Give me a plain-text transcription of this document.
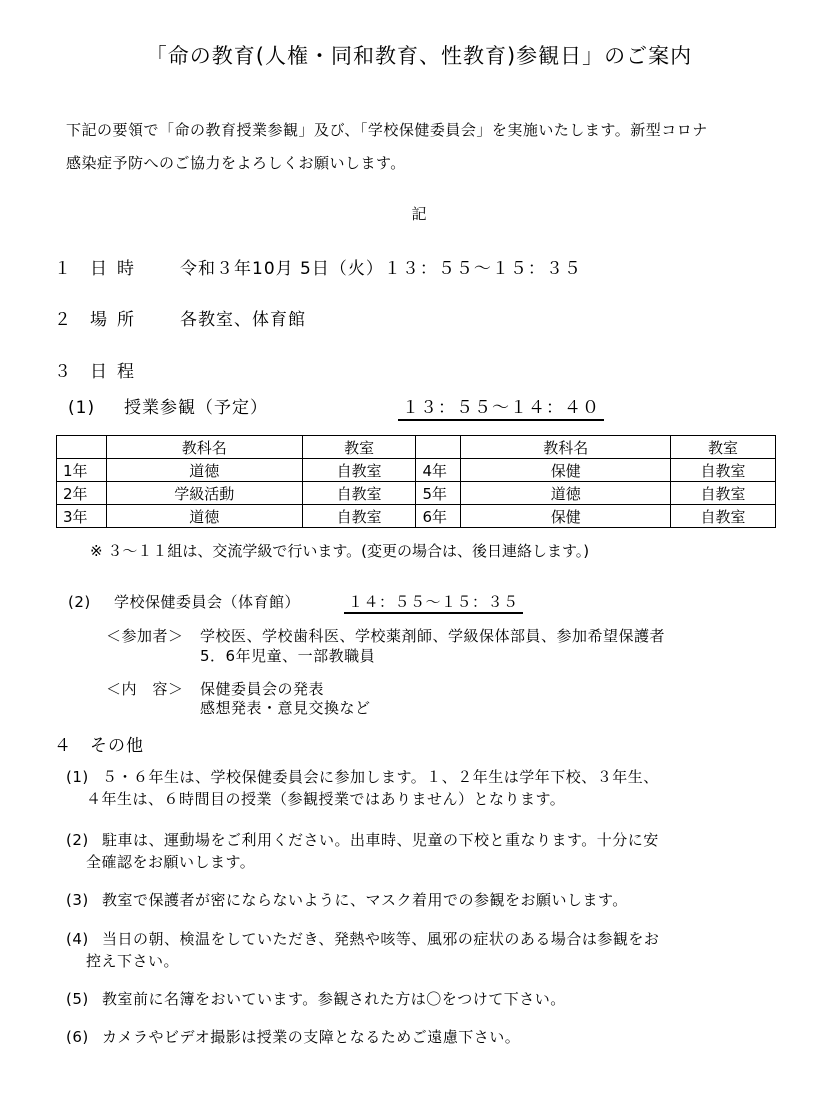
「命の教育(人権・同和教育、性教育)参観日」のご案内
下記の要領で「命の教育授業参観」及び、「学校保健委員会」を実施いたします。新型コロナ
感染症予防へのご協力をよろしくお願いします。
記
１ 日時 令和３年10月 5日（火）１３：５５～１５：３５
２ 場所 各教室、体育館
３ 日程
(1) 授業参観（予定）	１３：５５～１４：４０
	教科名	教室		教科名	教室
1年	道徳	自教室	4年	保健	自教室
2年	学級活動	自教室	5年	道徳	自教室
3年	道徳	自教室	6年	保健	自教室
※ ３～１１組は、交流学級で行います。(変更の場合は、後日連絡します。)
(2) 学校保健委員会（体育館）	１４：５５～１５：３５
＜参加者＞ 学校医、学校歯科医、学校薬剤師、学級保体部員、参加希望保護者
5．6年児童、一部教職員
＜内　容＞ 保健委員会の発表
感想発表・意見交換など
４ その他
(1) ５・６年生は、学校保健委員会に参加します。１、２年生は学年下校、３年生、
４年生は、６時間目の授業（参観授業ではありません）となります。
(2) 駐車は、運動場をご利用ください。出車時、児童の下校と重なります。十分に安
全確認をお願いします。
(3) 教室で保護者が密にならないように、マスク着用での参観をお願いします。
(4) 当日の朝、検温をしていただき、発熱や咳等、風邪の症状のある場合は参観をお
控え下さい。
(5) 教室前に名簿をおいています。参観された方は〇をつけて下さい。
(6) カメラやビデオ撮影は授業の支障となるためご遠慮下さい。
